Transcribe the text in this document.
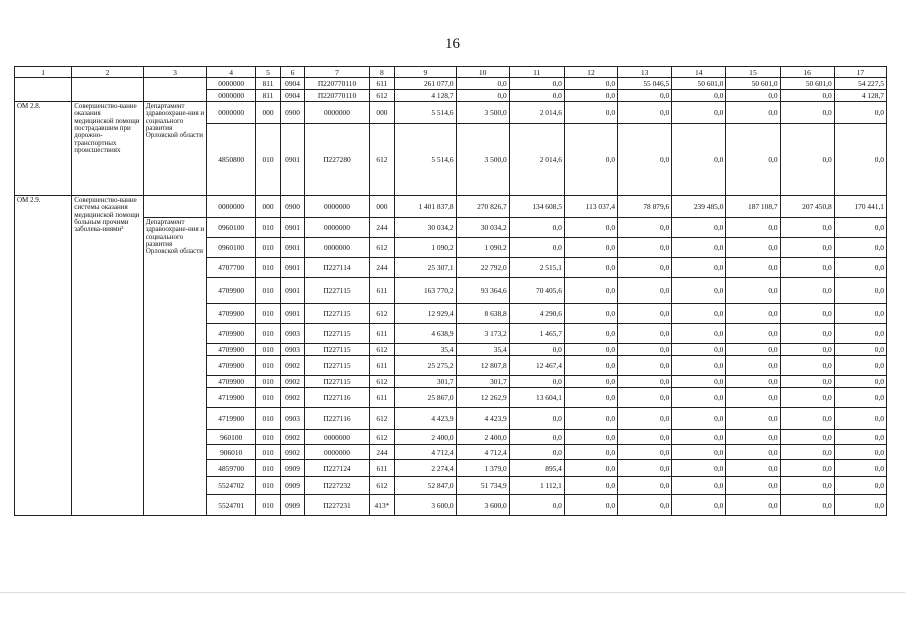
16
1	2	3	4	5	6	7	8	9	10	11	12	13	14	15	16	17
			0000000	811	0904	П220770110	611	261 077,0	0,0	0,0	0,0	55 046,5	50 601,0	50 601,0	50 601,0	54 227,5
			0000000	811	0904	П220770110	612	4 128,7	0,0	0,0	0,0	0,0	0,0	0,0	0,0	4 128,7
ОМ 2.8.	Совершенство-вание оказания медицинской помощи пострадавшим при дорожно-транспортных происшествиях	Департамент здравоохране-ния и социального развития Орловской области	0000000	000	0900	0000000	000	5 514,6	3 500,0	2 014,6	0,0	0,0	0,0	0,0	0,0	0,0
			4850800	010	0901	П227280	612	5 514,6	3 500,0	2 014,6	0,0	0,0	0,0	0,0	0,0	0,0
ОМ 2.9.	Совершенство-вание системы оказания медицинской помощи больным прочими заболева-ниями²		0000000	000	0900	0000000	000	1 401 837,8	270 826,7	134 608,5	113 037,4	78 879,6	239 485,0	187 108,7	207 450,8	170 441,1
		Департамент здравоохране-ния и социального развития Орловской области	0960100	010	0901	0000000	244	30 034,2	30 034,2	0,0	0,0	0,0	0,0	0,0	0,0	0,0
			0960100	010	0901	0000000	612	1 090,2	1 090,2	0,0	0,0	0,0	0,0	0,0	0,0	0,0
			4707700	010	0901	П227114	244	25 307,1	22 792,0	2 515,1	0,0	0,0	0,0	0,0	0,0	0,0
			4709900	010	0901	П227115	611	163 770,2	93 364,6	70 405,6	0,0	0,0	0,0	0,0	0,0	0,0
			4709900	010	0901	П227115	612	12 929,4	8 638,8	4 290,6	0,0	0,0	0,0	0,0	0,0	0,0
			4709900	010	0903	П227115	611	4 638,9	3 173,2	1 465,7	0,0	0,0	0,0	0,0	0,0	0,0
			4709900	010	0903	П227115	612	35,4	35,4	0,0	0,0	0,0	0,0	0,0	0,0	0,0
			4709900	010	0902	П227115	611	25 275,2	12 807,8	12 467,4	0,0	0,0	0,0	0,0	0,0	0,0
			4709900	010	0902	П227115	612	301,7	301,7	0,0	0,0	0,0	0,0	0,0	0,0	0,0
			4719900	010	0902	П227116	611	25 867,0	12 262,9	13 604,1	0,0	0,0	0,0	0,0	0,0	0,0
			4719900	010	0903	П227116	612	4 423,9	4 423,9	0,0	0,0	0,0	0,0	0,0	0,0	0,0
			960100	010	0902	0000000	612	2 400,0	2 400,0	0,0	0,0	0,0	0,0	0,0	0,0	0,0
			906010	010	0902	0000000	244	4 712,4	4 712,4	0,0	0,0	0,0	0,0	0,0	0,0	0,0
			4859700	010	0909	П227124	611	2 274,4	1 379,0	895,4	0,0	0,0	0,0	0,0	0,0	0,0
			5524702	010	0909	П227232	612	52 847,0	51 734,9	1 112,1	0,0	0,0	0,0	0,0	0,0	0,0
			5524701	010	0909	П227231	413*	3 600,0	3 600,0	0,0	0,0	0,0	0,0	0,0	0,0	0,0
